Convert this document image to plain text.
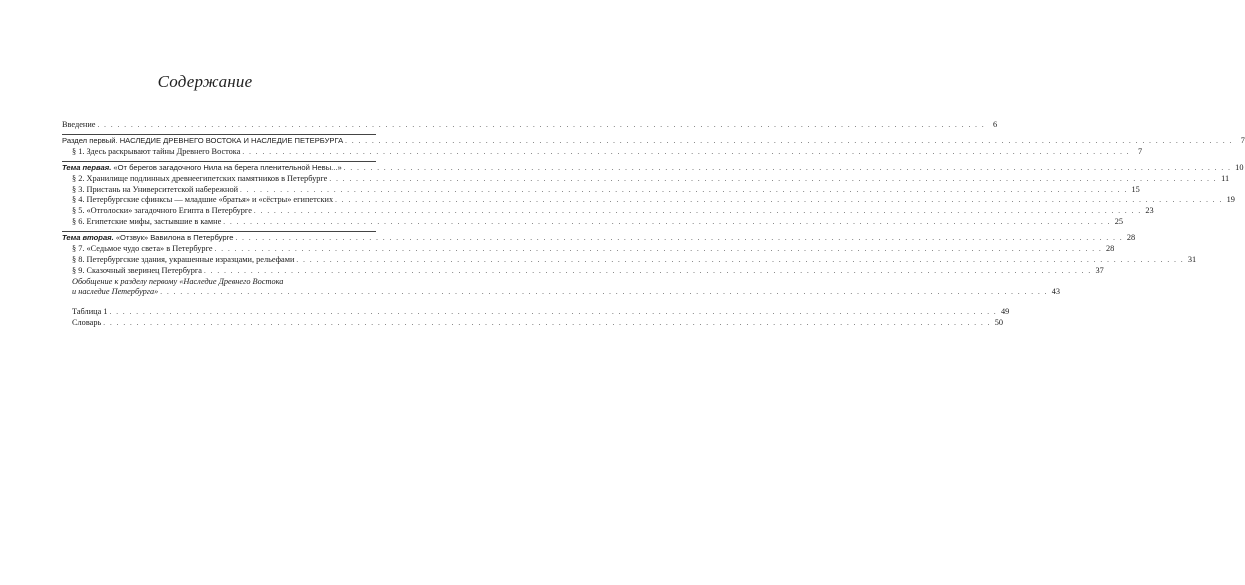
Содержание
Введение . . .	6
Раздел первый. НАСЛЕДИЕ ДРЕВНЕГО ВОСТОКА И НАСЛЕДИЕ ПЕТЕРБУРГА . . .	7
§ 1. Здесь раскрывают тайны Древнего Востока . . .	7
Тема первая. «От берегов загадочного Нила на берега пленительной Невы...» . . .	10
§ 2. Хранилище подлинных древнеегипетских памятников в Петербурге . . .	11
§ 3. Пристань на Университетской набережной . . .	15
§ 4. Петербургские сфинксы — младшие «братья» и «сёстры» египетских . . .	19
§ 5. «Отголоски» загадочного Египта в Петербурге . . .	23
§ 6. Египетские мифы, застывшие в камне . . .	25
Тема вторая. «Отзвук» Вавилона в Петербурге . . .	28
§ 7. «Седьмое чудо света» в Петербурге . . .	28
§ 8. Петербургские здания, украшенные изразцами, рельефами . . .	31
§ 9. Сказочный зверинец Петербурга . . .	37
Обобщение к разделу первому «Наследие Древнего Востока
и наследие Петербурга» . . .	43
Таблица 1 . . .	49
Словарь . . .	50
